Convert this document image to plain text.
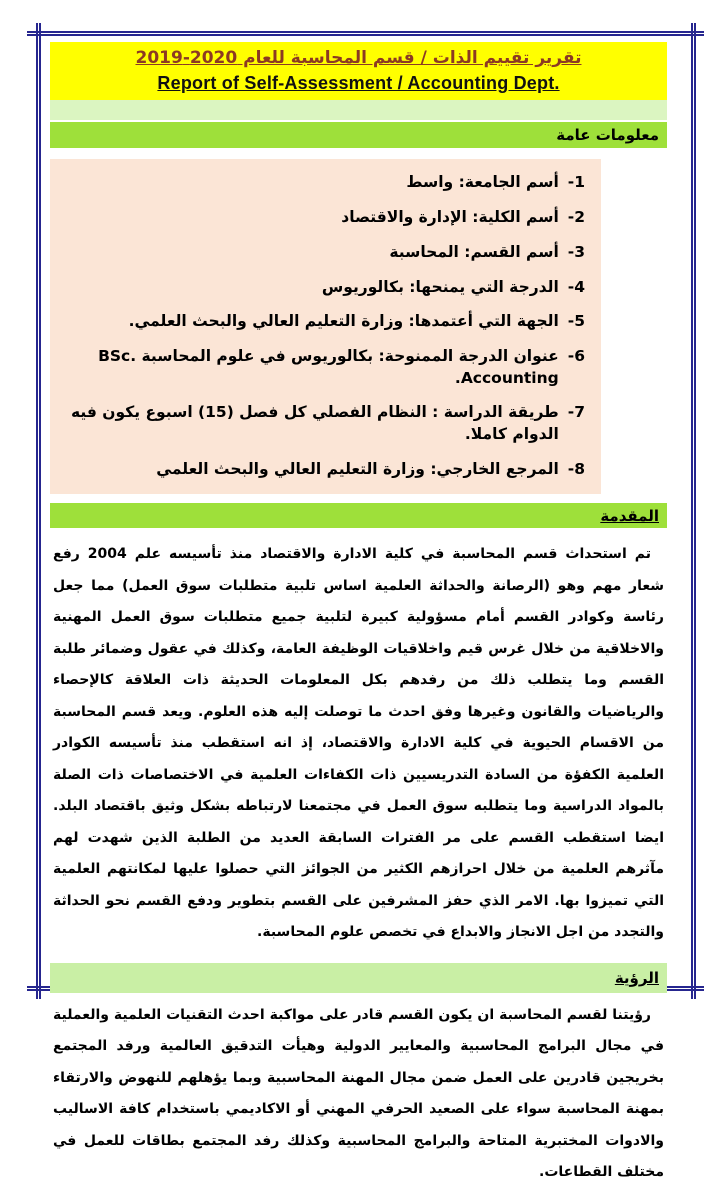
تقرير تقييم الذات / قسم المحاسبة للعام 2020-2019
Report of Self-Assessment / Accounting Dept.
معلومات عامة
1-
أسم الجامعة: واسط
2-
أسم الكلية: الإدارة والاقتصاد
3-
أسم القسم: المحاسبة
4-
الدرجة التي يمنحها: بكالوريوس
5-
الجهة التي أعتمدها: وزارة التعليم العالي والبحث العلمي.
6-
عنوان الدرجة الممنوحة: بكالوريوس في علوم المحاسبة BSc. Accounting.
7-
طريقة الدراسة : النظام الفصلي كل فصل (15) اسبوع يكون فيه الدوام كاملا.
8-
المرجع الخارجي: وزارة التعليم العالي والبحث العلمي
المقدمة

تم استحداث قسم المحاسبة في كلية الادارة والاقتصاد منذ تأسيسه علم 2004 رفع شعار مهم وهو (الرصانة والحداثة العلمية اساس تلبية متطلبات سوق العمل) مما جعل رئاسة وكوادر القسم أمام مسؤولية كبيرة لتلبية جميع متطلبات سوق العمل المهنية والاخلاقية من خلال غرس قيم واخلاقيات الوظيفة العامة، وكذلك في عقول وضمائر طلبة القسم وما يتطلب ذلك من رفدهم بكل المعلومات الحديثة ذات العلاقة كالإحصاء والرياضيات والقانون وغيرها وفق احدث ما توصلت إليه هذه العلوم. ويعد قسم المحاسبة من الاقسام الحيوية في كلية الادارة والاقتصاد، إذ انه استقطب منذ تأسيسه الكوادر العلمية الكفؤة من السادة التدريسيين ذات الكفاءات العلمية في الاختصاصات ذات الصلة بالمواد الدراسية وما يتطلبه سوق العمل في مجتمعنا لارتباطه بشكل وثيق باقتصاد البلد. ايضا استقطب القسم على مر الفترات السابقة العديد من الطلبة الذين شهدت لهم مآثرهم العلمية من خلال احرازهم الكثير من الجوائز التي حصلوا عليها لمكانتهم العلمية التي تميزوا بها. الامر الذي حفز المشرفين على القسم بتطوير ودفع القسم نحو الحداثة والتجدد من اجل الانجاز والابداع في تخصص علوم المحاسبة.

الرؤية

رؤيتنا لقسم المحاسبة ان يكون القسم قادر على مواكبة احدث التقنيات العلمية والعملية في مجال البرامج المحاسبية والمعايير الدولية وهيأت التدقيق العالمية ورفد المجتمع بخريجين قادرين على العمل ضمن مجال المهنة المحاسبية وبما يؤهلهم للنهوض والارتقاء بمهنة المحاسبة سواء على الصعيد الحرفي المهني أو الاكاديمي باستخدام كافة الاساليب والادوات المختبرية المتاحة والبرامج المحاسبية وكذلك رفد المجتمع بطاقات للعمل في مختلف القطاعات.
